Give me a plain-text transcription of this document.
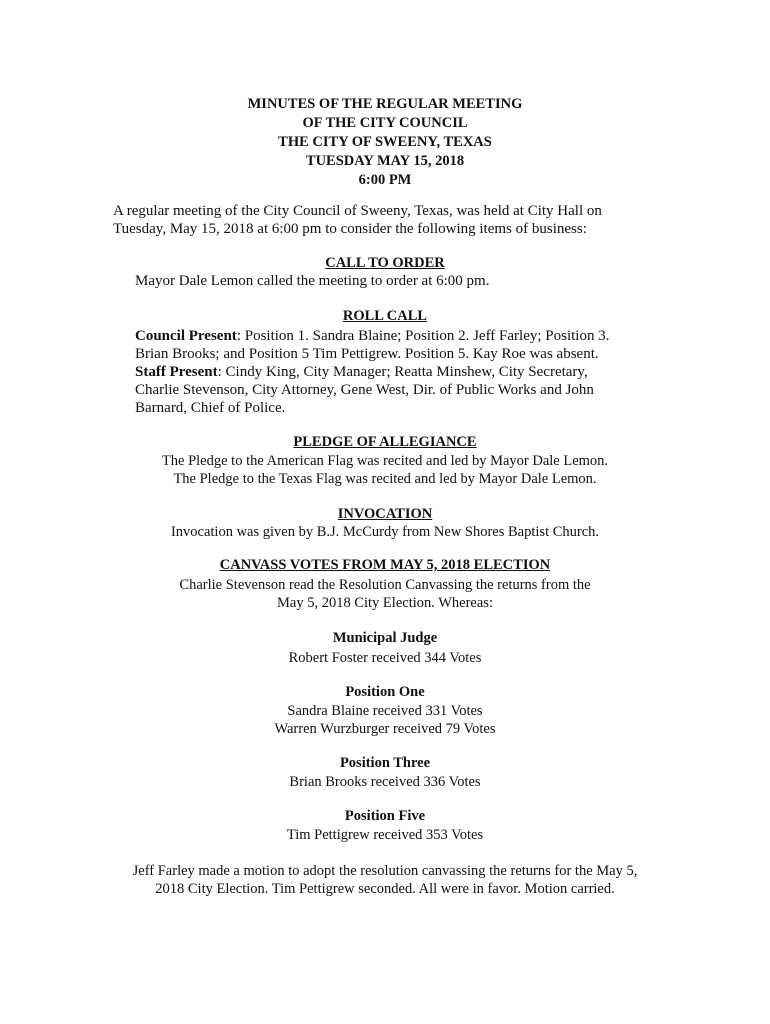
MINUTES OF THE REGULAR MEETING
OF THE CITY COUNCIL
THE CITY OF SWEENY, TEXAS
TUESDAY MAY 15, 2018
6:00 PM
A regular meeting of the City Council of Sweeny, Texas, was held at City Hall on
Tuesday, May 15, 2018 at 6:00 pm to consider the following items of business:
CALL TO ORDER
Mayor Dale Lemon called the meeting to order at 6:00 pm.
ROLL CALL
Council Present: Position 1. Sandra Blaine; Position 2. Jeff Farley; Position 3.
Brian Brooks; and Position 5 Tim Pettigrew. Position 5. Kay Roe was absent.
Staff Present: Cindy King, City Manager; Reatta Minshew, City Secretary,
Charlie Stevenson, City Attorney, Gene West, Dir. of Public Works and John
Barnard, Chief of Police.
PLEDGE OF ALLEGIANCE
The Pledge to the American Flag was recited and led by Mayor Dale Lemon.
The Pledge to the Texas Flag was recited and led by Mayor Dale Lemon.
INVOCATION
Invocation was given by B.J. McCurdy from New Shores Baptist Church.
CANVASS VOTES FROM MAY 5, 2018 ELECTION
Charlie Stevenson read the Resolution Canvassing the returns from the
May 5, 2018 City Election. Whereas:
Municipal Judge
Robert Foster received 344 Votes
Position One
Sandra Blaine received 331 Votes
Warren Wurzburger received 79 Votes
Position Three
Brian Brooks received 336 Votes
Position Five
Tim Pettigrew received 353 Votes
Jeff Farley made a motion to adopt the resolution canvassing the returns for the May 5,
2018 City Election. Tim Pettigrew seconded. All were in favor. Motion carried.
